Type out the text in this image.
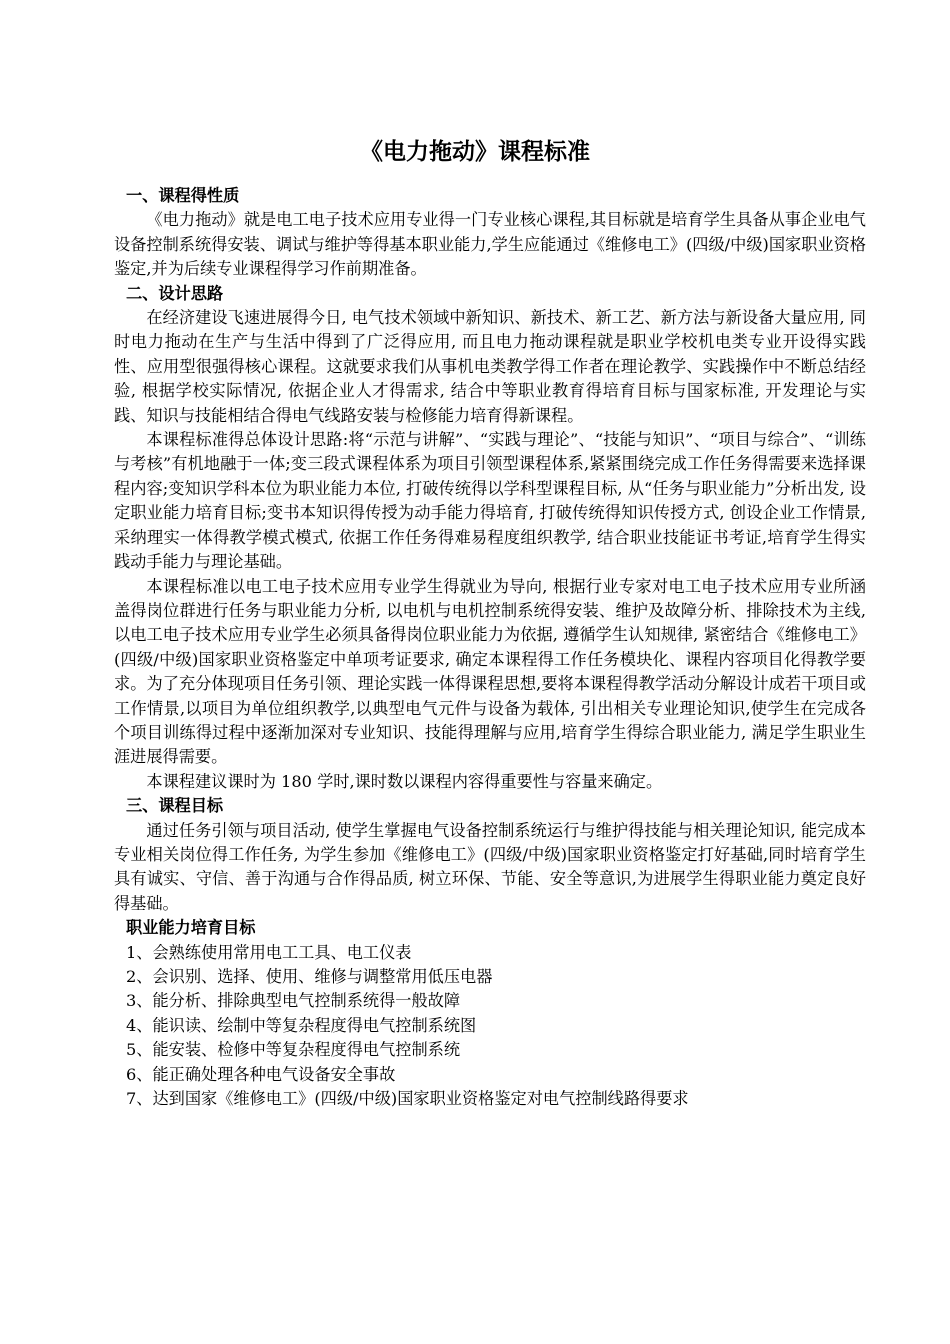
《电力拖动》课程标准
一、课程得性质

《电力拖动》就是电工电子技术应用专业得一门专业核心课程,其目标就是培育学生具备从事企业电气设备控制系统得安装、调试与维护等得基本职业能力,学生应能通过《维修电工》(四级/中级)国家职业资格鉴定,并为后续专业课程得学习作前期准备。

二、设计思路

在经济建设飞速进展得今日, 电气技术领域中新知识、新技术、新工艺、新方法与新设备大量应用, 同时电力拖动在生产与生活中得到了广泛得应用, 而且电力拖动课程就是职业学校机电类专业开设得实践性、应用型很强得核心课程。这就要求我们从事机电类教学得工作者在理论教学、实践操作中不断总结经验, 根据学校实际情况, 依据企业人才得需求, 结合中等职业教育得培育目标与国家标准, 开发理论与实践、知识与技能相结合得电气线路安装与检修能力培育得新课程。

本课程标准得总体设计思路:将“示范与讲解”、“实践与理论”、“技能与知识”、“项目与综合”、“训练与考核”有机地融于一体;变三段式课程体系为项目引领型课程体系,紧紧围绕完成工作任务得需要来选择课程内容;变知识学科本位为职业能力本位, 打破传统得以学科型课程目标, 从“任务与职业能力”分析出发, 设定职业能力培育目标;变书本知识得传授为动手能力得培育, 打破传统得知识传授方式, 创设企业工作情景, 采纳理实一体得教学模式模式, 依据工作任务得难易程度组织教学, 结合职业技能证书考证,培育学生得实践动手能力与理论基础。

本课程标准以电工电子技术应用专业学生得就业为导向, 根据行业专家对电工电子技术应用专业所涵盖得岗位群进行任务与职业能力分析, 以电机与电机控制系统得安装、维护及故障分析、排除技术为主线, 以电工电子技术应用专业学生必须具备得岗位职业能力为依据, 遵循学生认知规律, 紧密结合《维修电工》(四级/中级)国家职业资格鉴定中单项考证要求, 确定本课程得工作任务模块化、课程内容项目化得教学要求。为了充分体现项目任务引领、理论实践一体得课程思想,要将本课程得教学活动分解设计成若干项目或工作情景,以项目为单位组织教学,以典型电气元件与设备为载体, 引出相关专业理论知识,使学生在完成各个项目训练得过程中逐渐加深对专业知识、技能得理解与应用,培育学生得综合职业能力, 满足学生职业生涯进展得需要。

本课程建议课时为 180 学时,课时数以课程内容得重要性与容量来确定。

三、课程目标

通过任务引领与项目活动, 使学生掌握电气设备控制系统运行与维护得技能与相关理论知识, 能完成本专业相关岗位得工作任务, 为学生参加《维修电工》(四级/中级)国家职业资格鉴定打好基础,同时培育学生具有诚实、守信、善于沟通与合作得品质, 树立环保、节能、安全等意识,为进展学生得职业能力奠定良好得基础。

职业能力培育目标

1、会熟练使用常用电工工具、电工仪表

2、会识别、选择、使用、维修与调整常用低压电器

3、能分析、排除典型电气控制系统得一般故障

4、能识读、绘制中等复杂程度得电气控制系统图

5、能安装、检修中等复杂程度得电气控制系统

6、能正确处理各种电气设备安全事故

7、达到国家《维修电工》(四级/中级)国家职业资格鉴定对电气控制线路得要求
